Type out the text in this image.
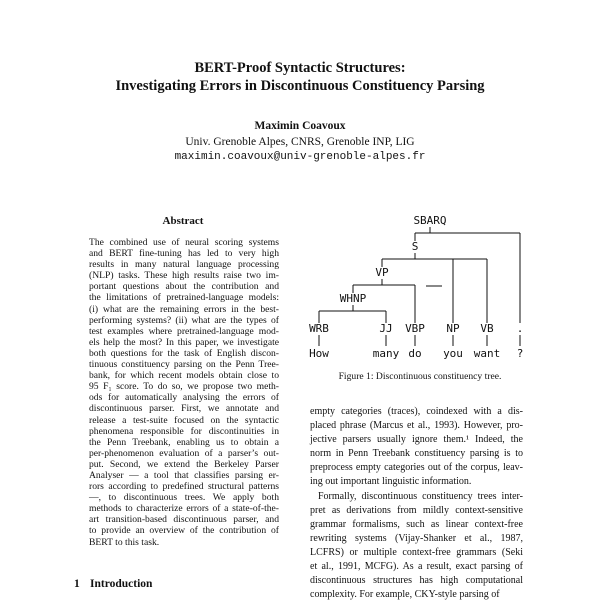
BERT-Proof Syntactic Structures:
Investigating Errors in Discontinuous Constituency Parsing
Maximin Coavoux
Univ. Grenoble Alpes, CNRS, Grenoble INP, LIG
maximin.coavoux@univ-grenoble-alpes.fr
Abstract
The combined use of neural scoring systems
and BERT fine-tuning has led to very high
results in many natural language processing
(NLP) tasks. These high results raise two im-
portant questions about the contribution and
the limitations of pretrained-language models:
(i) what are the remaining errors in the best-
performing systems? (ii) what are the types of
test examples where pretrained-language mod-
els help the most? In this paper, we investigate
both questions for the task of English discon-
tinuous constituency parsing on the Penn Tree-
bank, for which recent models obtain close to
95 F₁ score. To do so, we propose two meth-
ods for automatically analysing the errors of
discontinuous parser. First, we annotate and
release a test-suite focused on the syntactic
phenomena responsible for discontinuities in
the Penn Treebank, enabling us to obtain a
per-phenomenon evaluation of a parser’s out-
put. Second, we extend the Berkeley Parser
Analyser — a tool that classifies parsing er-
rors according to predefined structural patterns
—, to discontinuous trees. We apply both
methods to characterize errors of a state-of-the-
art transition-based discontinuous parser, and
to provide an overview of the contribution of
BERT to this task.
1 Introduction
SBARQ
S
VP
WHNP
WRB	JJ VBP NP VB .
How	many do you want ?
Figure 1: Discontinuous constituency tree.
empty categories (traces), coindexed with a dis-
placed phrase (Marcus et al., 1993). However, pro-
jective parsers usually ignore them.¹ Indeed, the
norm in Penn Treebank constituency parsing is to
preprocess empty categories out of the corpus, leav-
ing out important linguistic information.
Formally, discontinuous constituency trees inter-
pret as derivations from mildly context-sensitive
grammar formalisms, such as linear context-free
rewriting systems (Vijay-Shanker et al., 1987,
LCFRS) or multiple context-free grammars (Seki
et al., 1991, MCFG). As a result, exact parsing of
discontinuous structures has high computational
complexity. For example, CKY-style parsing of
